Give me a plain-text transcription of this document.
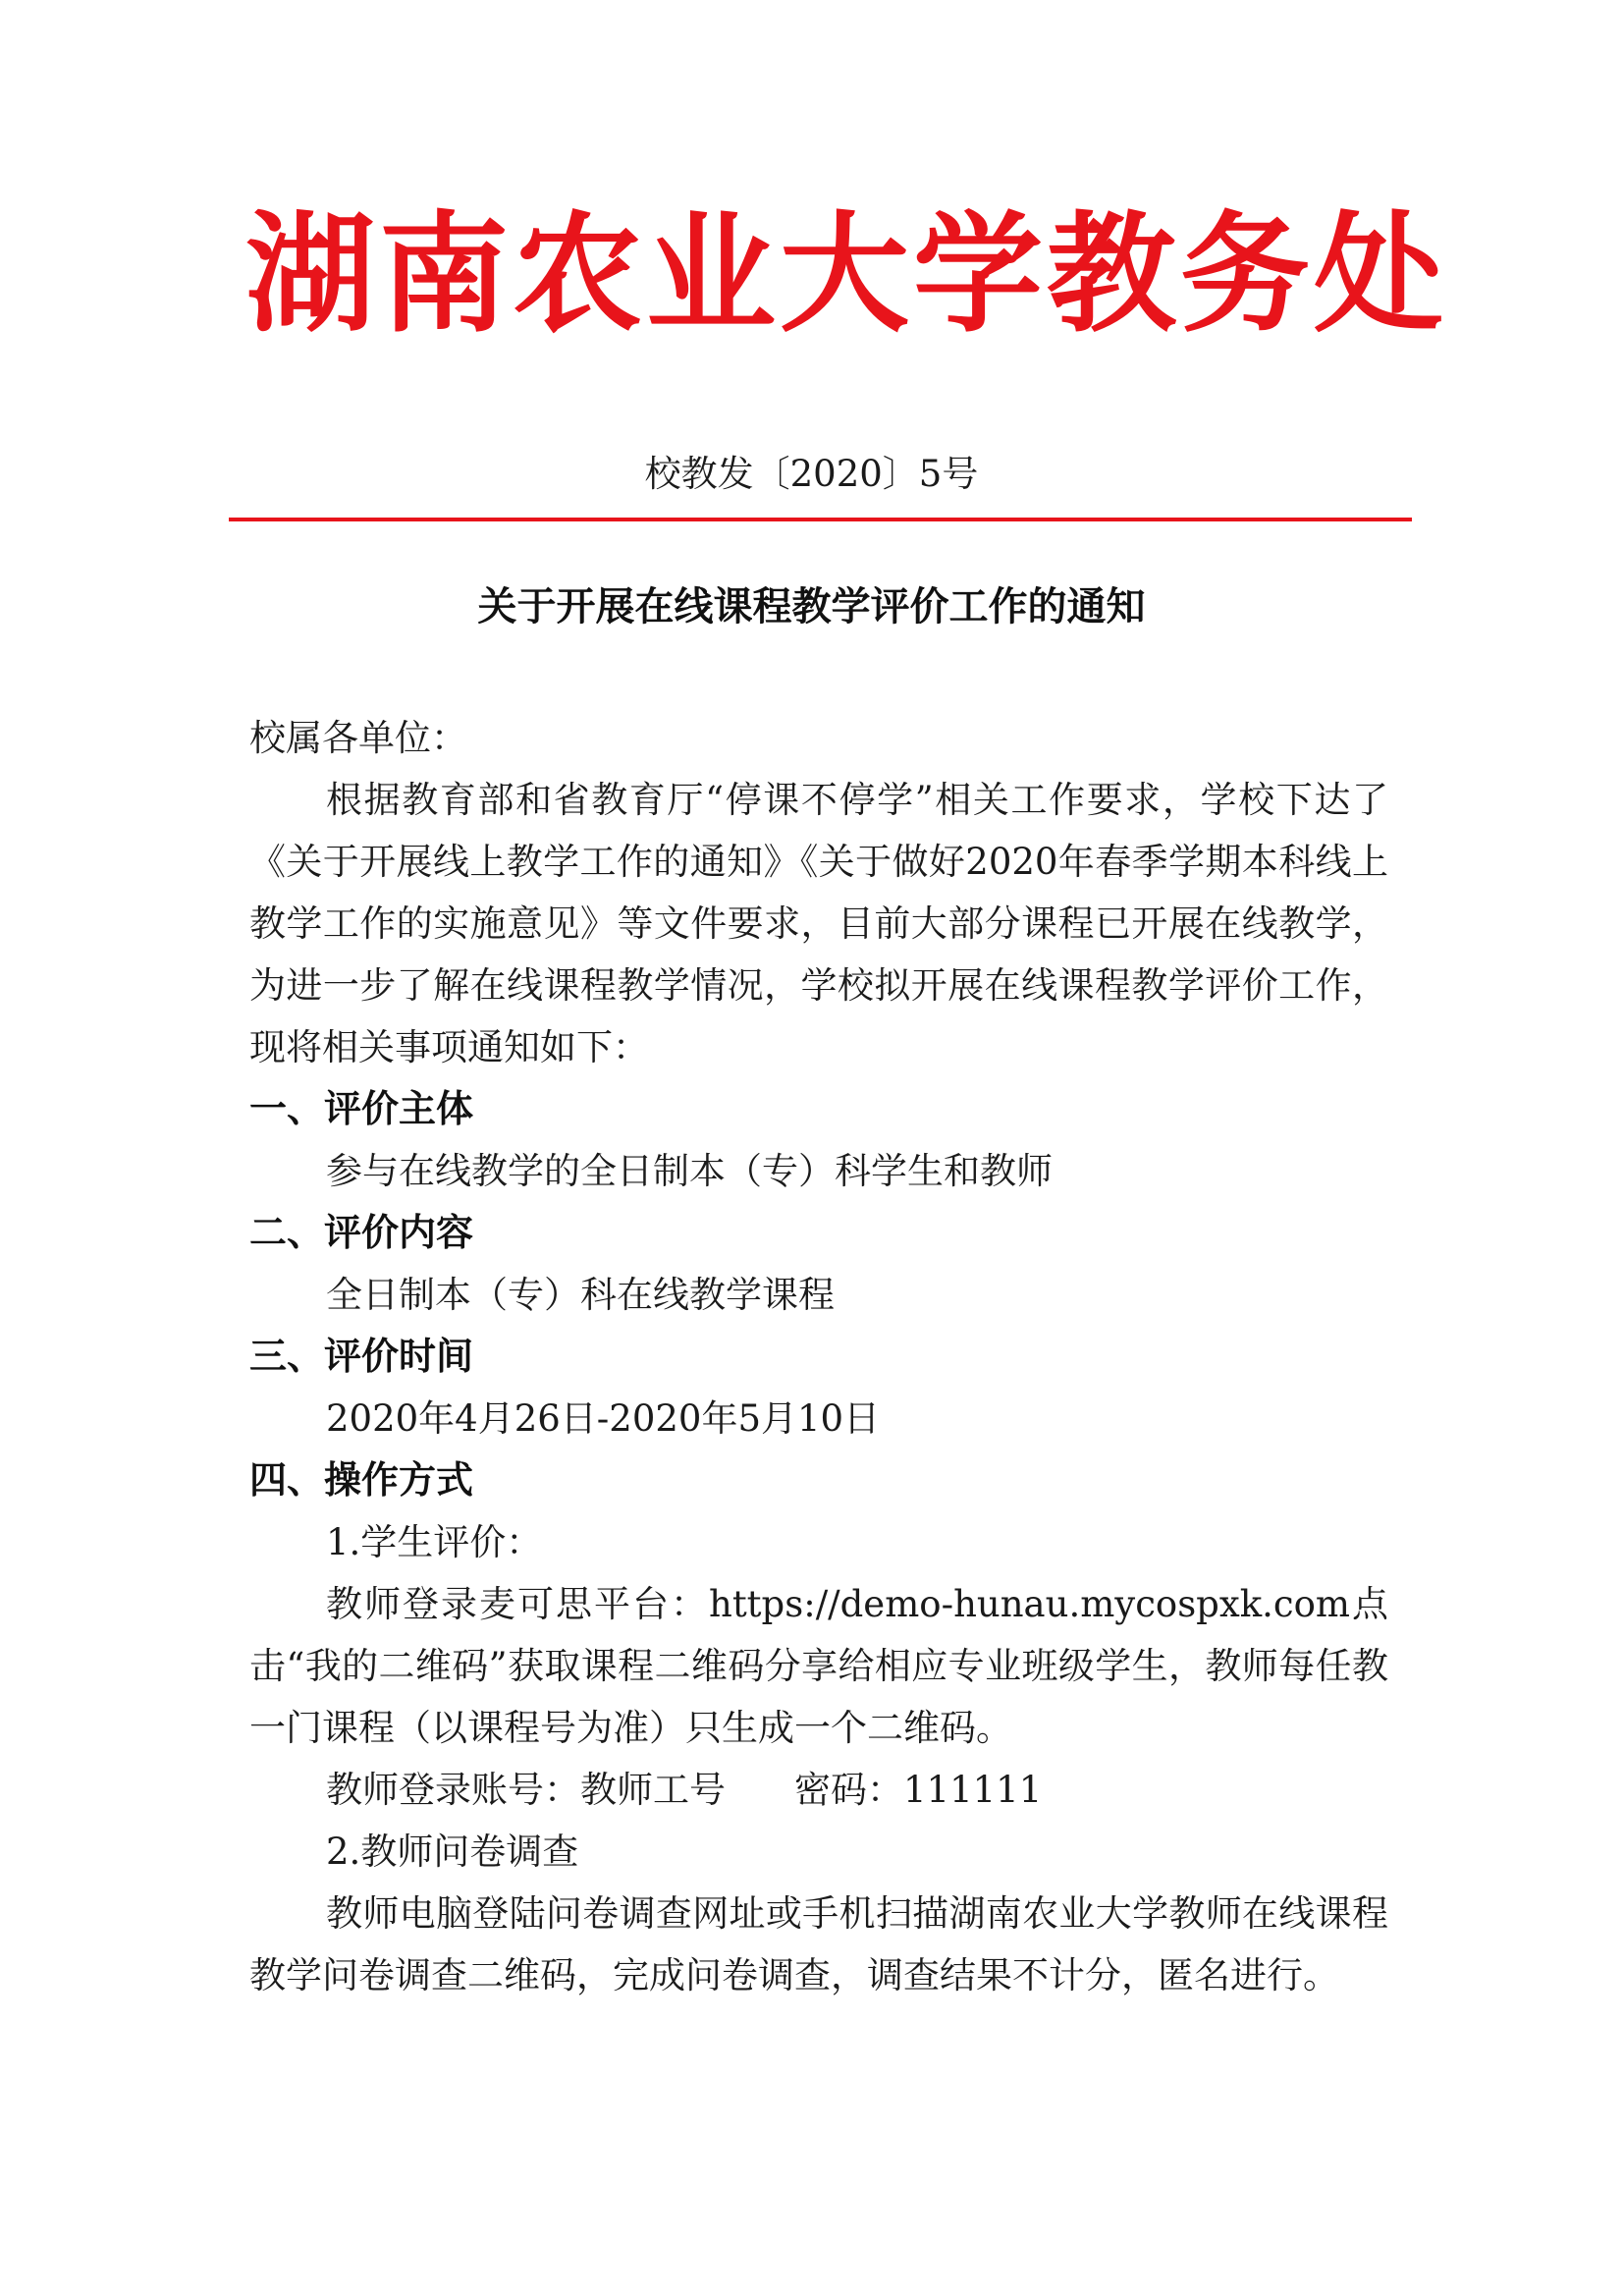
湖南农业大学教务处
校教发〔2020〕5号
关于开展在线课程教学评价工作的通知

校属各单位：

根据教育部和省教育厅“停课不停学”相关工作要求，学校下达了《关于开展线上教学工作的通知》《关于做好2020年春季学期本科线上教学工作的实施意见》等文件要求，目前大部分课程已开展在线教学，为进一步了解在线课程教学情况，学校拟开展在线课程教学评价工作，现将相关事项通知如下：

一、评价主体

参与在线教学的全日制本（专）科学生和教师

二、评价内容

全日制本（专）科在线教学课程

三、评价时间

2020年4月26日-2020年5月10日

四、操作方式

1.学生评价：

教师登录麦可思平台：https://demo-hunau.mycospxk.com点击“我的二维码”获取课程二维码分享给相应专业班级学生，教师每任教一门课程（以课程号为准）只生成一个二维码。

教师登录账号：教师工号 密码：111111

2.教师问卷调查

教师电脑登陆问卷调查网址或手机扫描湖南农业大学教师在线课程教学问卷调查二维码，完成问卷调查，调查结果不计分，匿名进行。
